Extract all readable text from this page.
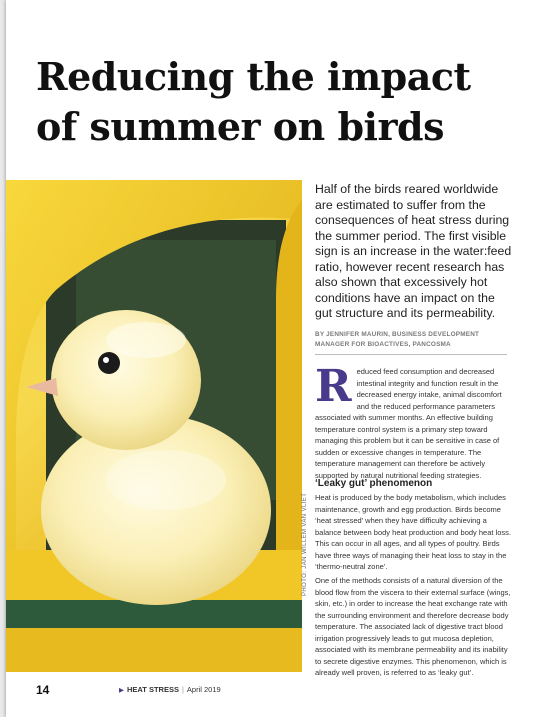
Reducing the impact of summer on birds
PHOTO: JAN WILLEM VAN VLIET

Half of the birds reared worldwide are estimated to suffer from the consequences of heat stress during the summer period. The first visible sign is an increase in the water:feed ratio, however recent research has also shown that excessively hot conditions have an impact on the gut structure and its permeability.

BY JENNIFER MAURIN, BUSINESS DEVELOPMENT MANAGER FOR BIOACTIVES, PANCOSMA

Reduced feed consumption and decreased intestinal integrity and function result in the decreased energy intake, animal discomfort and the reduced performance parameters associated with summer months. An effective building temperature control system is a primary step toward managing this problem but it can be sensitive in case of sudden or excessive changes in temperature. The temperature management can therefore be actively supported by natural nutritional feeding strategies.

‘Leaky gut’ phenomenon

Heat is produced by the body metabolism, which includes maintenance, growth and egg production. Birds become ‘heat stressed’ when they have difficulty achieving a balance between body heat production and body heat loss. This can occur in all ages, and all types of poultry. Birds have three ways of managing their heat loss to stay in the ‘thermo-neutral zone’.

One of the methods consists of a natural diversion of the blood flow from the viscera to their external surface (wings, skin, etc.) in order to increase the heat exchange rate with the surrounding environment and therefore decrease body temperature. The associated lack of digestive tract blood irrigation progressively leads to gut mucosa depletion, associated with its membrane permeability and its inability to secrete digestive enzymes. This phenomenon, which is already well proven, is referred to as ‘leaky gut’.

14	▶ HEAT STRESS | April 2019
